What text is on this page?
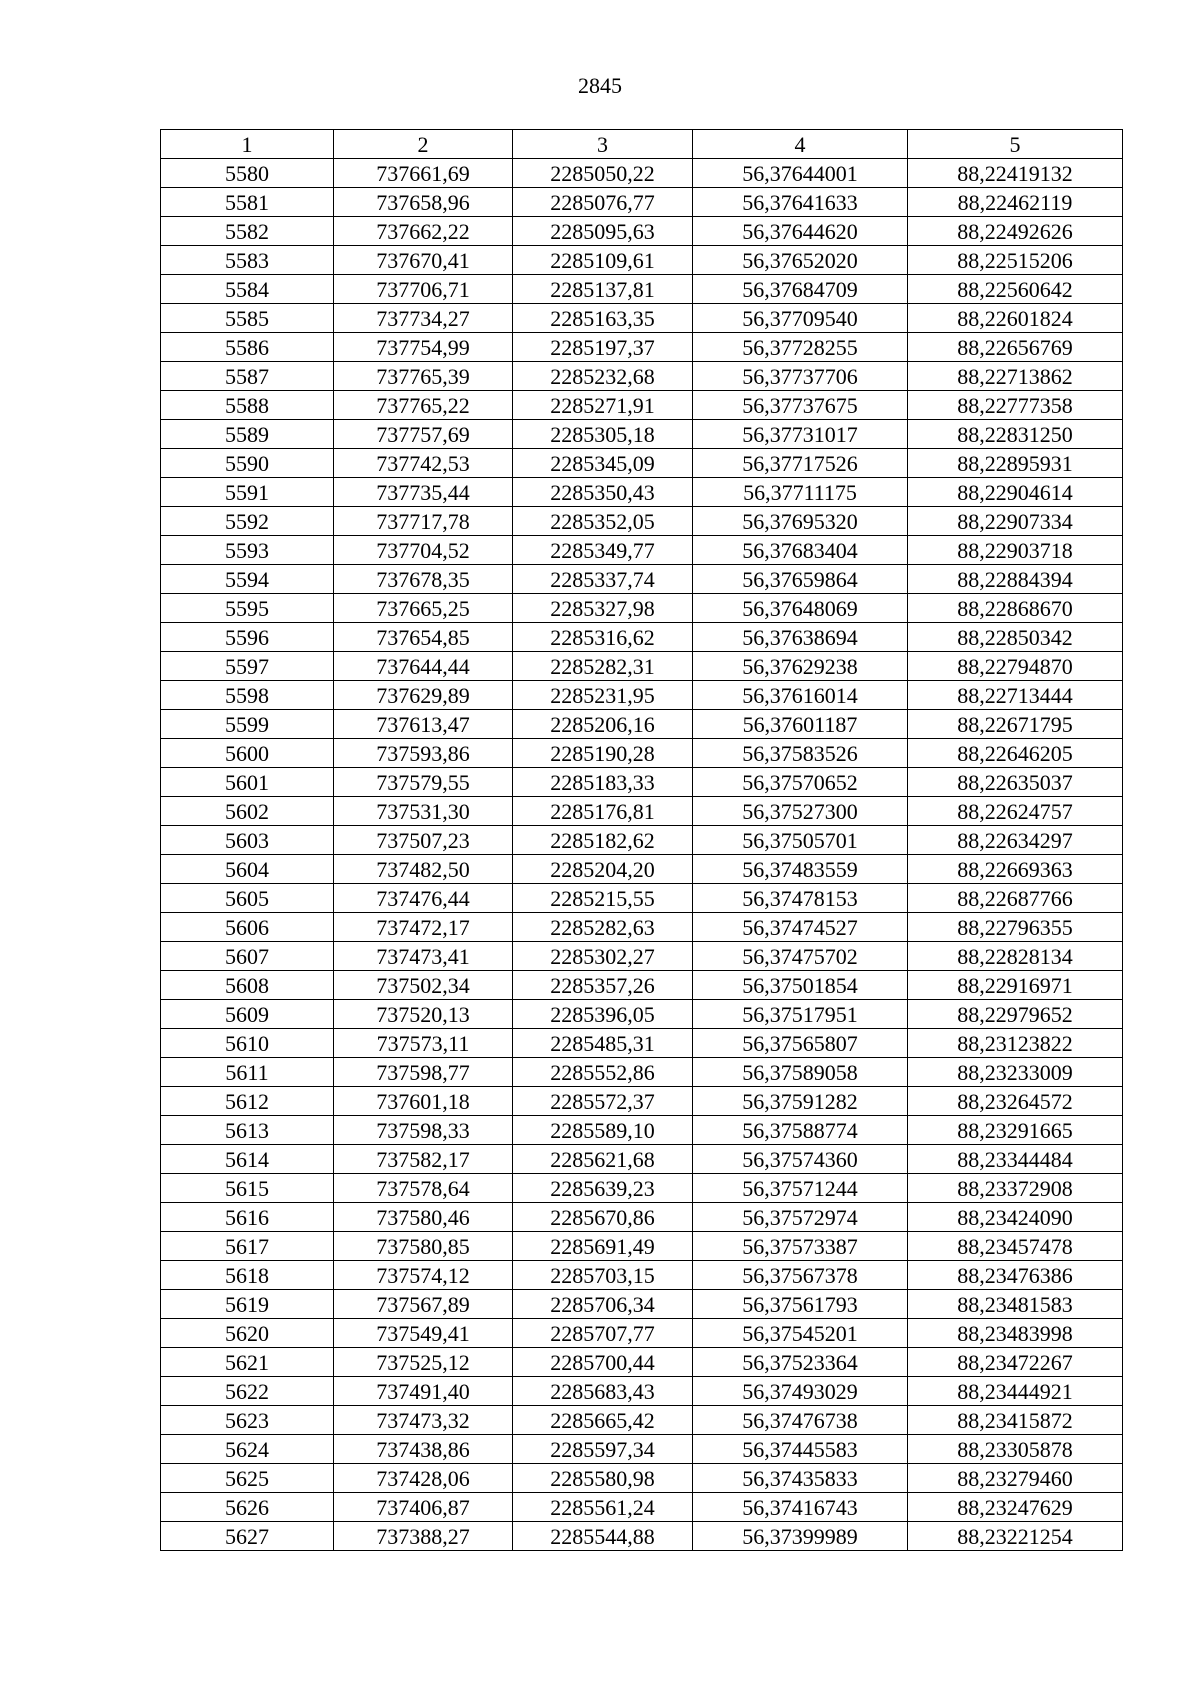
2845
1	2	3	4	5
5580	737661,69	2285050,22	56,37644001	88,22419132
5581	737658,96	2285076,77	56,37641633	88,22462119
5582	737662,22	2285095,63	56,37644620	88,22492626
5583	737670,41	2285109,61	56,37652020	88,22515206
5584	737706,71	2285137,81	56,37684709	88,22560642
5585	737734,27	2285163,35	56,37709540	88,22601824
5586	737754,99	2285197,37	56,37728255	88,22656769
5587	737765,39	2285232,68	56,37737706	88,22713862
5588	737765,22	2285271,91	56,37737675	88,22777358
5589	737757,69	2285305,18	56,37731017	88,22831250
5590	737742,53	2285345,09	56,37717526	88,22895931
5591	737735,44	2285350,43	56,37711175	88,22904614
5592	737717,78	2285352,05	56,37695320	88,22907334
5593	737704,52	2285349,77	56,37683404	88,22903718
5594	737678,35	2285337,74	56,37659864	88,22884394
5595	737665,25	2285327,98	56,37648069	88,22868670
5596	737654,85	2285316,62	56,37638694	88,22850342
5597	737644,44	2285282,31	56,37629238	88,22794870
5598	737629,89	2285231,95	56,37616014	88,22713444
5599	737613,47	2285206,16	56,37601187	88,22671795
5600	737593,86	2285190,28	56,37583526	88,22646205
5601	737579,55	2285183,33	56,37570652	88,22635037
5602	737531,30	2285176,81	56,37527300	88,22624757
5603	737507,23	2285182,62	56,37505701	88,22634297
5604	737482,50	2285204,20	56,37483559	88,22669363
5605	737476,44	2285215,55	56,37478153	88,22687766
5606	737472,17	2285282,63	56,37474527	88,22796355
5607	737473,41	2285302,27	56,37475702	88,22828134
5608	737502,34	2285357,26	56,37501854	88,22916971
5609	737520,13	2285396,05	56,37517951	88,22979652
5610	737573,11	2285485,31	56,37565807	88,23123822
5611	737598,77	2285552,86	56,37589058	88,23233009
5612	737601,18	2285572,37	56,37591282	88,23264572
5613	737598,33	2285589,10	56,37588774	88,23291665
5614	737582,17	2285621,68	56,37574360	88,23344484
5615	737578,64	2285639,23	56,37571244	88,23372908
5616	737580,46	2285670,86	56,37572974	88,23424090
5617	737580,85	2285691,49	56,37573387	88,23457478
5618	737574,12	2285703,15	56,37567378	88,23476386
5619	737567,89	2285706,34	56,37561793	88,23481583
5620	737549,41	2285707,77	56,37545201	88,23483998
5621	737525,12	2285700,44	56,37523364	88,23472267
5622	737491,40	2285683,43	56,37493029	88,23444921
5623	737473,32	2285665,42	56,37476738	88,23415872
5624	737438,86	2285597,34	56,37445583	88,23305878
5625	737428,06	2285580,98	56,37435833	88,23279460
5626	737406,87	2285561,24	56,37416743	88,23247629
5627	737388,27	2285544,88	56,37399989	88,23221254
